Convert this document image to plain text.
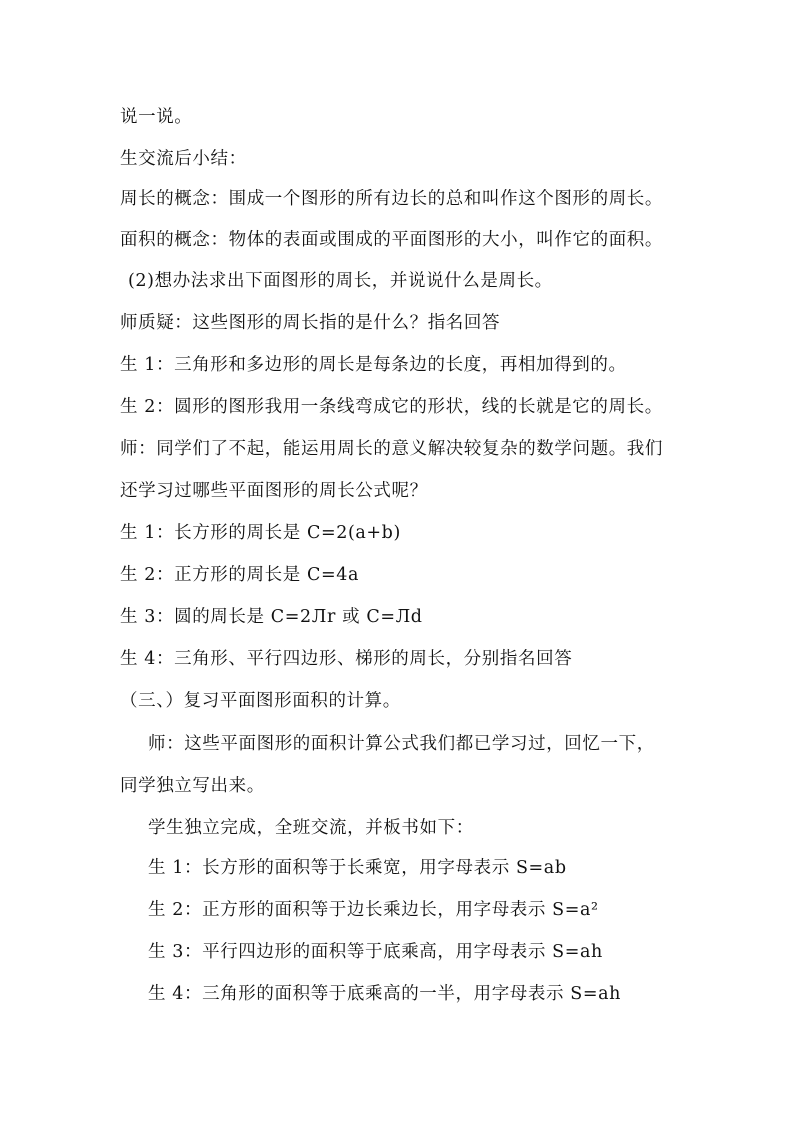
说一说。
生交流后小结：
周长的概念：围成一个图形的所有边长的总和叫作这个图形的周长。
面积的概念：物体的表面或围成的平面图形的大小，叫作它的面积。
(2)想办法求出下面图形的周长，并说说什么是周长。
师质疑：这些图形的周长指的是什么？指名回答
生 1：三角形和多边形的周长是每条边的长度，再相加得到的。
生 2：圆形的图形我用一条线弯成它的形状，线的长就是它的周长。
师：同学们了不起，能运用周长的意义解决较复杂的数学问题。我们
还学习过哪些平面图形的周长公式呢？
生 1：长方形的周长是 C=2(a+b)
生 2：正方形的周长是 C=4a
生 3：圆的周长是 C=2Лr 或 C=Лd
生 4：三角形、平行四边形、梯形的周长，分别指名回答
（三、）复习平面图形面积的计算。
师：这些平面图形的面积计算公式我们都已学习过，回忆一下，
同学独立写出来。
学生独立完成，全班交流，并板书如下：
生 1：长方形的面积等于长乘宽，用字母表示 S=ab
生 2：正方形的面积等于边长乘边长，用字母表示 S=a²
生 3：平行四边形的面积等于底乘高，用字母表示 S=ah
生 4：三角形的面积等于底乘高的一半，用字母表示 S=ah
